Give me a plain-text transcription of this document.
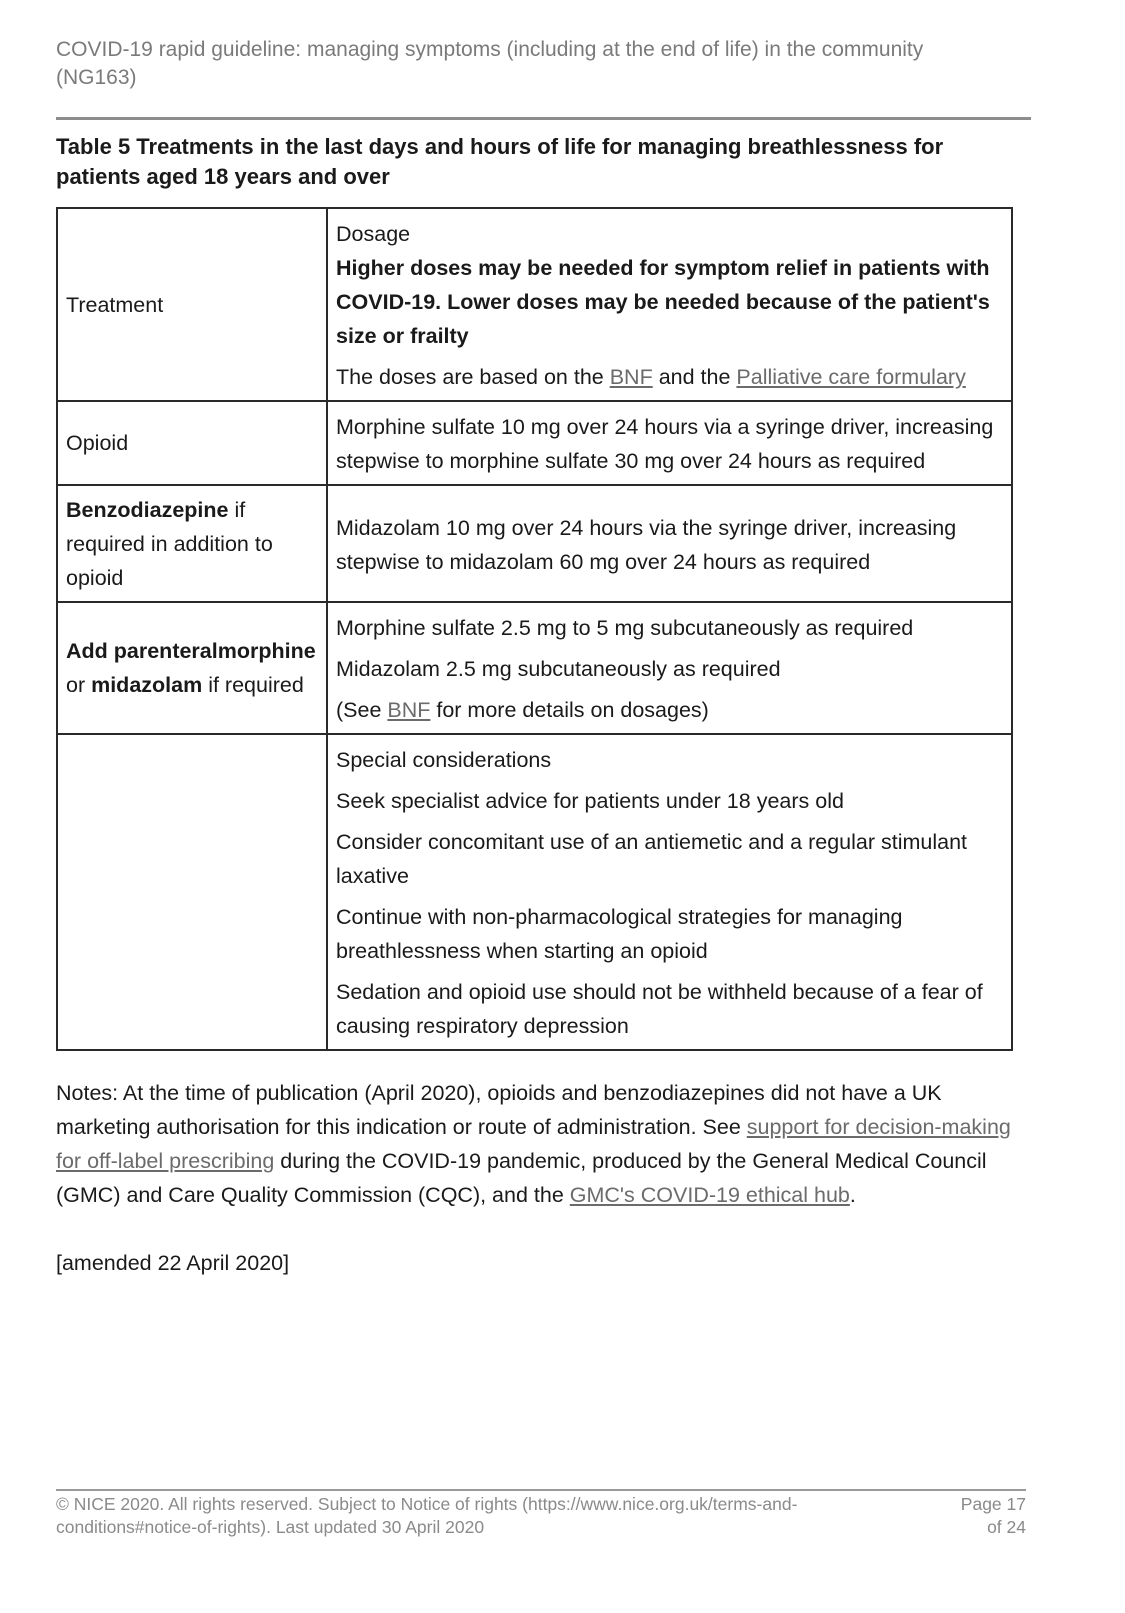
COVID-19 rapid guideline: managing symptoms (including at the end of life) in the community
(NG163)
Table 5 Treatments in the last days and hours of life for managing breathlessness for patients aged 18 years and over
Treatment	Dosage
Higher doses may be needed for symptom relief in patients with COVID-19. Lower doses may be needed because of the patient's size or frailty
The doses are based on the BNF and the Palliative care formulary

Opioid	Morphine sulfate 10 mg over 24 hours via a syringe driver, increasing stepwise to morphine sulfate 30 mg over 24 hours as required

Benzodiazepine if required in addition to opioid	Midazolam 10 mg over 24 hours via the syringe driver, increasing stepwise to midazolam 60 mg over 24 hours as required

Add parenteralmorphine or midazolam if required	Morphine sulfate 2.5 mg to 5 mg subcutaneously as required
Midazolam 2.5 mg subcutaneously as required
(See BNF for more details on dosages)

	Special considerations
Seek specialist advice for patients under 18 years old
Consider concomitant use of an antiemetic and a regular stimulant laxative
Continue with non-pharmacological strategies for managing breathlessness when starting an opioid
Sedation and opioid use should not be withheld because of a fear of causing respiratory depression
Notes: At the time of publication (April 2020), opioids and benzodiazepines did not have a UK marketing authorisation for this indication or route of administration. See support for decision-making for off-label prescribing during the COVID-19 pandemic, produced by the General Medical Council (GMC) and Care Quality Commission (CQC), and the GMC's COVID-19 ethical hub.
[amended 22 April 2020]
© NICE 2020. All rights reserved. Subject to Notice of rights (https://www.nice.org.uk/terms-and-conditions#notice-of-rights). Last updated 30 April 2020
Page 17
of 24
